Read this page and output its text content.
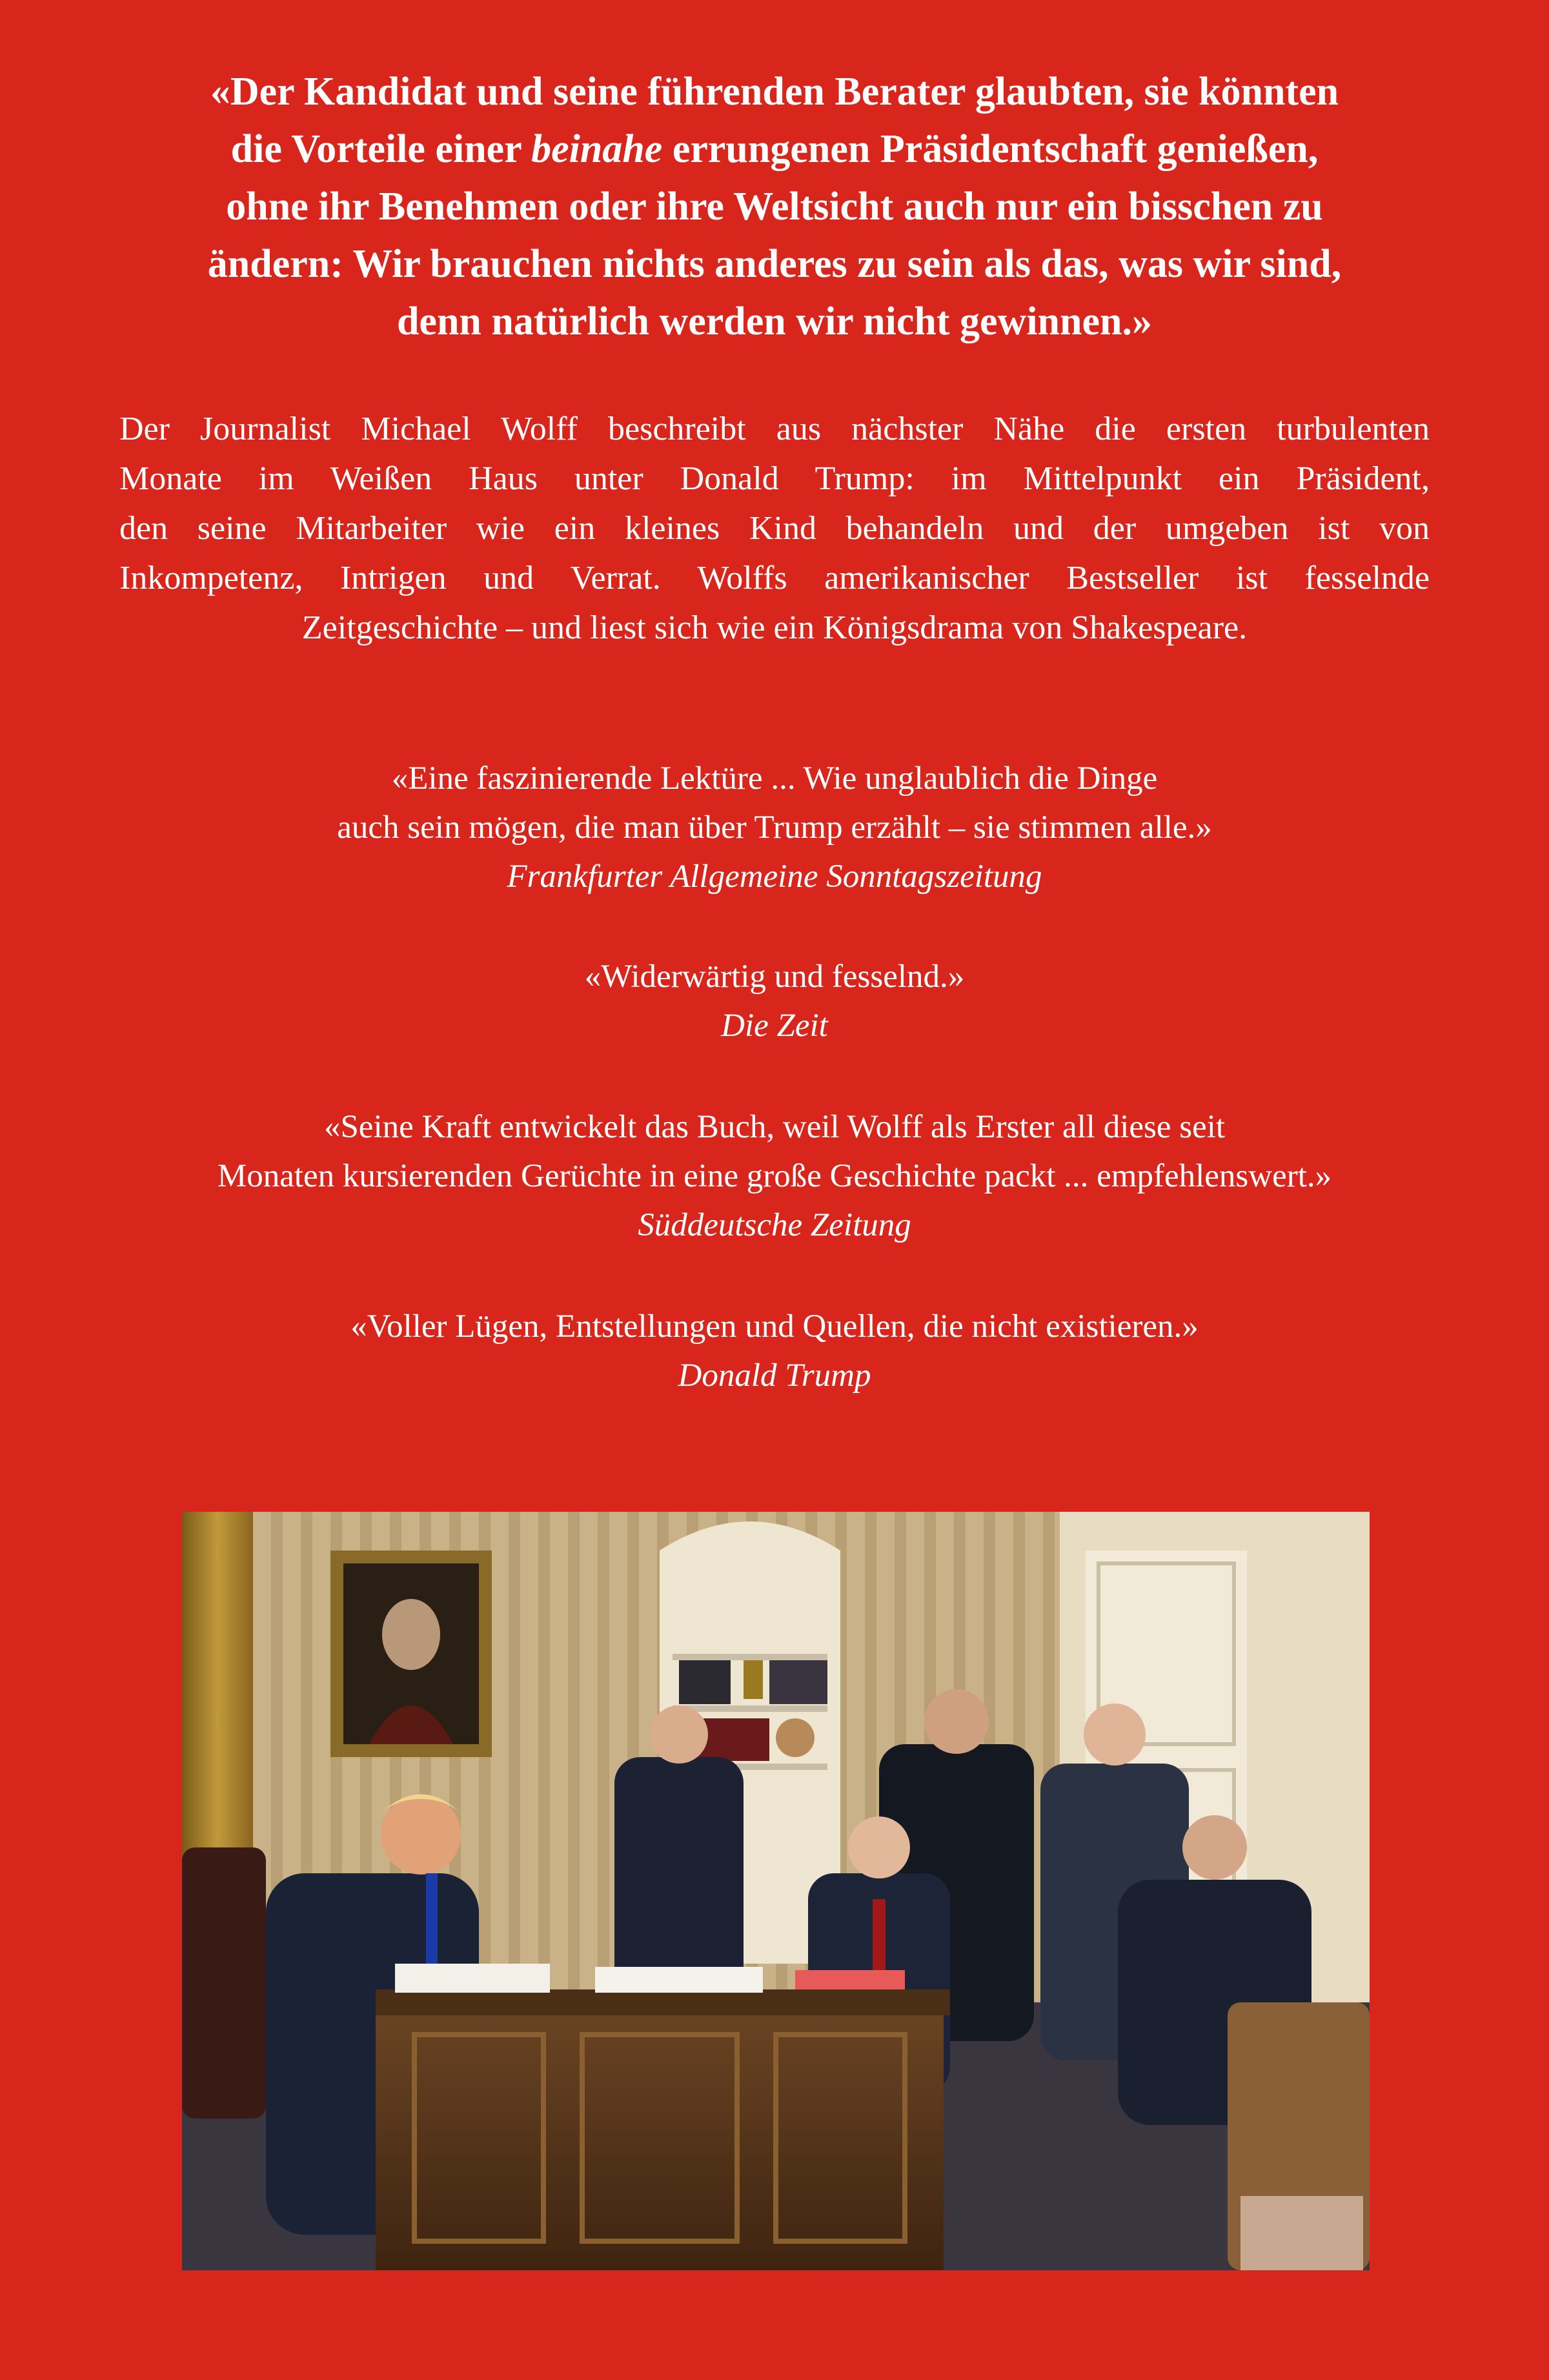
«Der Kandidat und seine führenden Berater glaubten, sie könnten
die Vorteile einer beinahe errungenen Präsidentschaft genießen,
ohne ihr Benehmen oder ihre Weltsicht auch nur ein bisschen zu
ändern: Wir brauchen nichts anderes zu sein als das, was wir sind,
denn natürlich werden wir nicht gewinnen.»
Der Journalist Michael Wolff beschreibt aus nächster Nähe die ersten turbulenten
Monate im Weißen Haus unter Donald Trump: im Mittelpunkt ein Präsident,
den seine Mitarbeiter wie ein kleines Kind behandeln und der umgeben ist von
Inkompetenz, Intrigen und Verrat. Wolffs amerikanischer Bestseller ist fesselnde
Zeitgeschichte – und liest sich wie ein Königsdrama von Shakespeare.
«Eine faszinierende Lektüre ... Wie unglaublich die Dinge
auch sein mögen, die man über Trump erzählt – sie stimmen alle.»
Frankfurter Allgemeine Sonntagszeitung
«Widerwärtig und fesselnd.»
Die Zeit
«Seine Kraft entwickelt das Buch, weil Wolff als Erster all diese seit
Monaten kursierenden Gerüchte in eine große Geschichte packt ... empfehlenswert.»
Süddeutsche Zeitung
«Voller Lügen, Entstellungen und Quellen, die nicht existieren.»
Donald Trump
